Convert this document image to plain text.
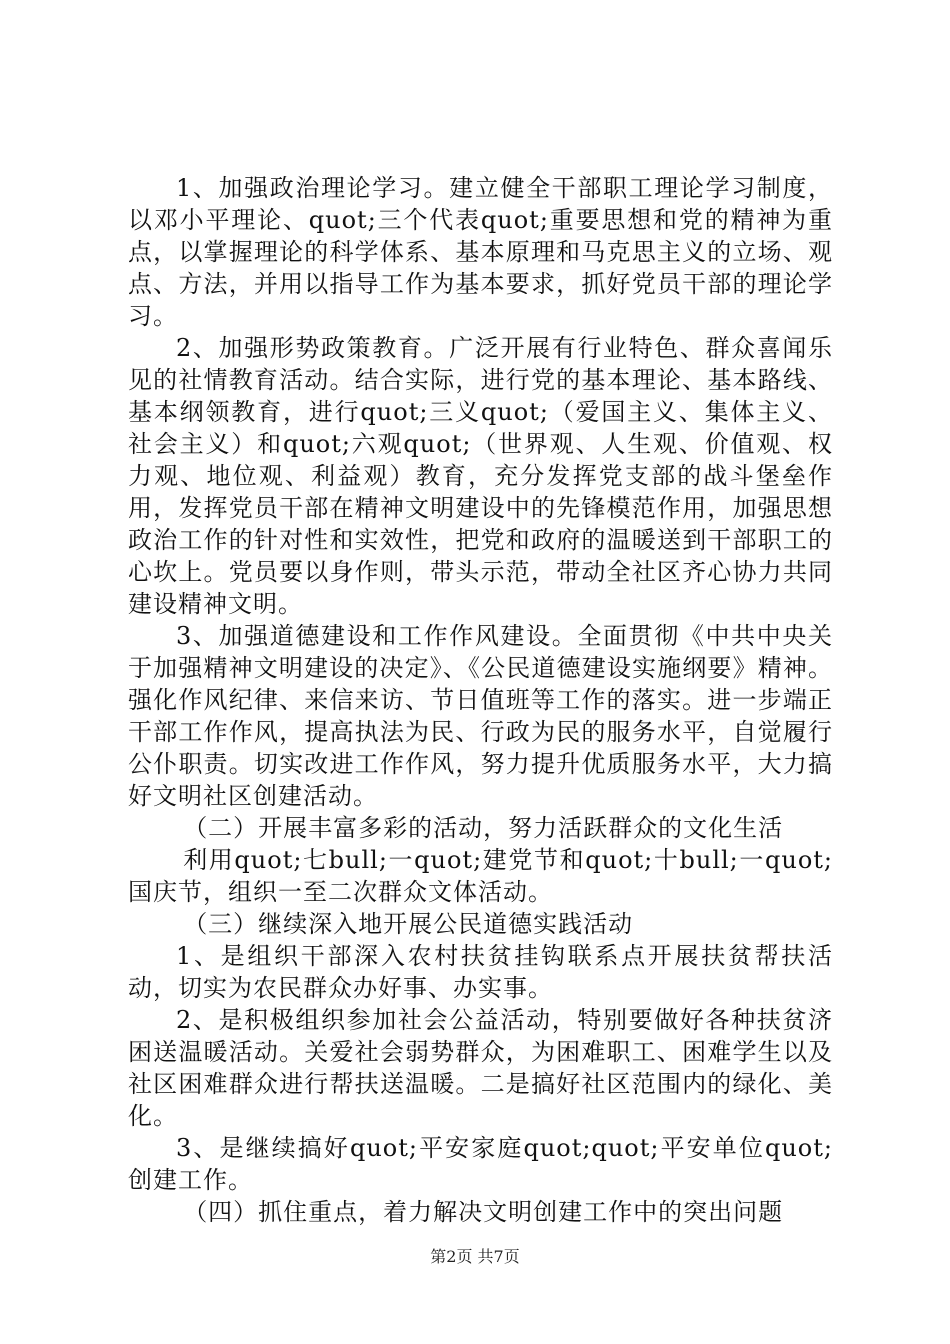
1、加强政治理论学习。建立健全干部职工理论学习制度，以邓小平理论、quot;三个代表quot;重要思想和党的精神为重点，以掌握理论的科学体系、基本原理和马克思主义的立场、观点、方法，并用以指导工作为基本要求，抓好党员干部的理论学习。

2、加强形势政策教育。广泛开展有行业特色、群众喜闻乐见的社情教育活动。结合实际，进行党的基本理论、基本路线、基本纲领教育，进行quot;三义quot;（爱国主义、集体主义、社会主义）和quot;六观quot;（世界观、人生观、价值观、权力观、地位观、利益观）教育，充分发挥党支部的战斗堡垒作用，发挥党员干部在精神文明建设中的先锋模范作用，加强思想政治工作的针对性和实效性，把党和政府的温暖送到干部职工的心坎上。党员要以身作则，带头示范，带动全社区齐心协力共同建设精神文明。

3、加强道德建设和工作作风建设。全面贯彻《中共中央关于加强精神文明建设的决定》、《公民道德建设实施纲要》精神。强化作风纪律、来信来访、节日值班等工作的落实。进一步端正干部工作作风，提高执法为民、行政为民的服务水平，自觉履行公仆职责。切实改进工作作风，努力提升优质服务水平，大力搞好文明社区创建活动。

（二）开展丰富多彩的活动，努力活跃群众的文化生活

利用quot;七bull;一quot;建党节和quot;十bull;一quot;国庆节，组织一至二次群众文体活动。

（三）继续深入地开展公民道德实践活动

1、是组织干部深入农村扶贫挂钩联系点开展扶贫帮扶活动，切实为农民群众办好事、办实事。

2、是积极组织参加社会公益活动，特别要做好各种扶贫济困送温暖活动。关爱社会弱势群众，为困难职工、困难学生以及社区困难群众进行帮扶送温暖。二是搞好社区范围内的绿化、美化。

3、是继续搞好quot;平安家庭quot;quot;平安单位quot;创建工作。

（四）抓住重点，着力解决文明创建工作中的突出问题

第2页 共7页
